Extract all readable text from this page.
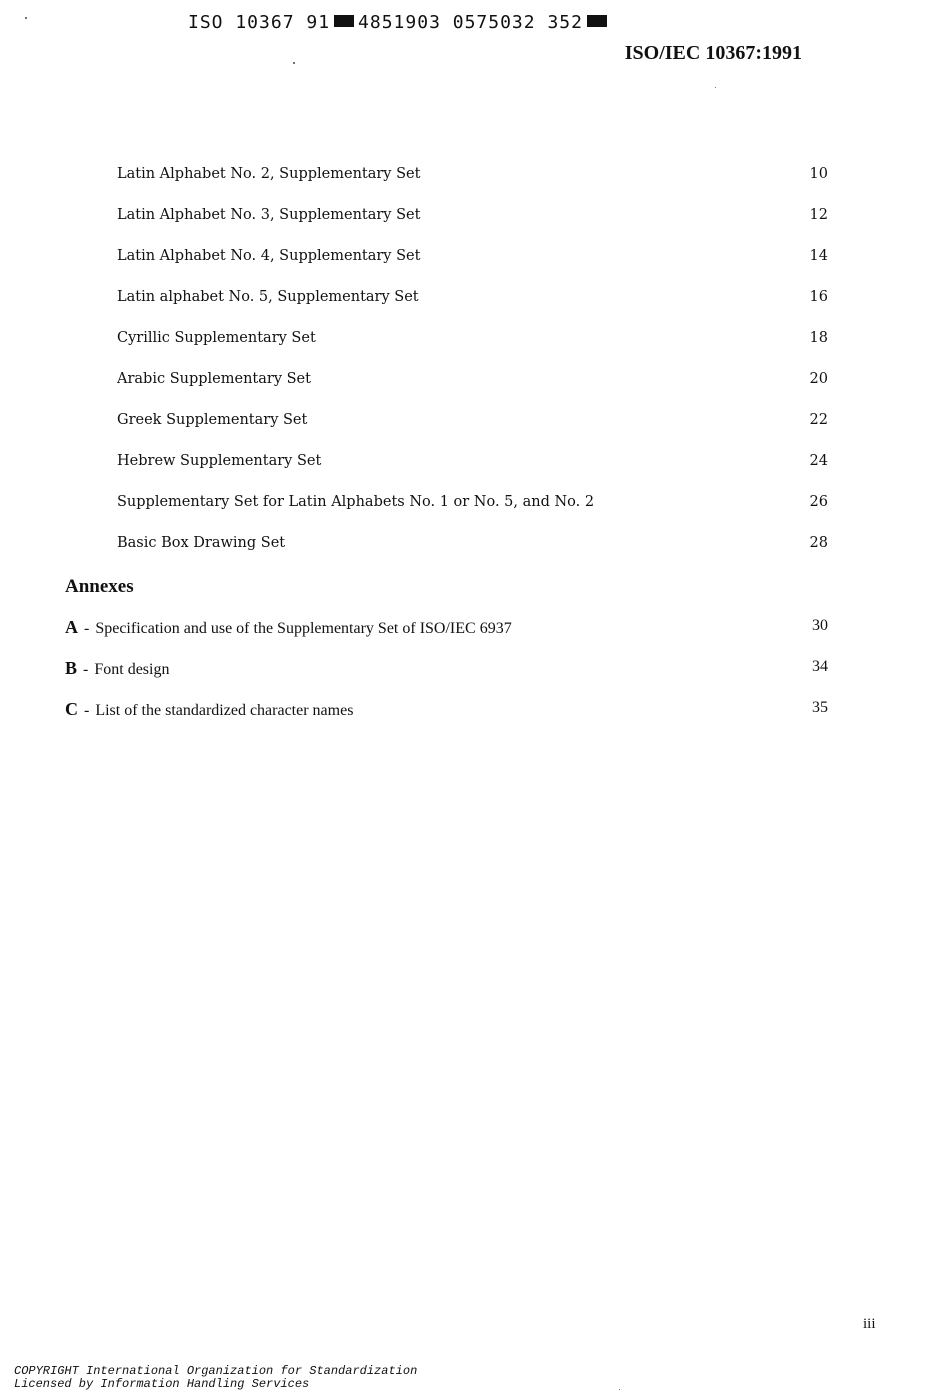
ISO 10367 91 4851903 0575032 352
ISO/IEC 10367:1991
Latin Alphabet No. 2, Supplementary Set	10
Latin Alphabet No. 3, Supplementary Set	12
Latin Alphabet No. 4, Supplementary Set	14
Latin alphabet No. 5, Supplementary Set	16
Cyrillic Supplementary Set	18
Arabic Supplementary Set	20
Greek Supplementary Set	22
Hebrew Supplementary Set	24
Supplementary Set for Latin Alphabets No. 1 or No. 5, and No. 2	26
Basic Box Drawing Set	28
Annexes
A - Specification and use of the Supplementary Set of ISO/IEC 6937	30
B - Font design	34
C - List of the standardized character names	35
iii
COPYRIGHT International Organization for Standardization
Licensed by Information Handling Services
